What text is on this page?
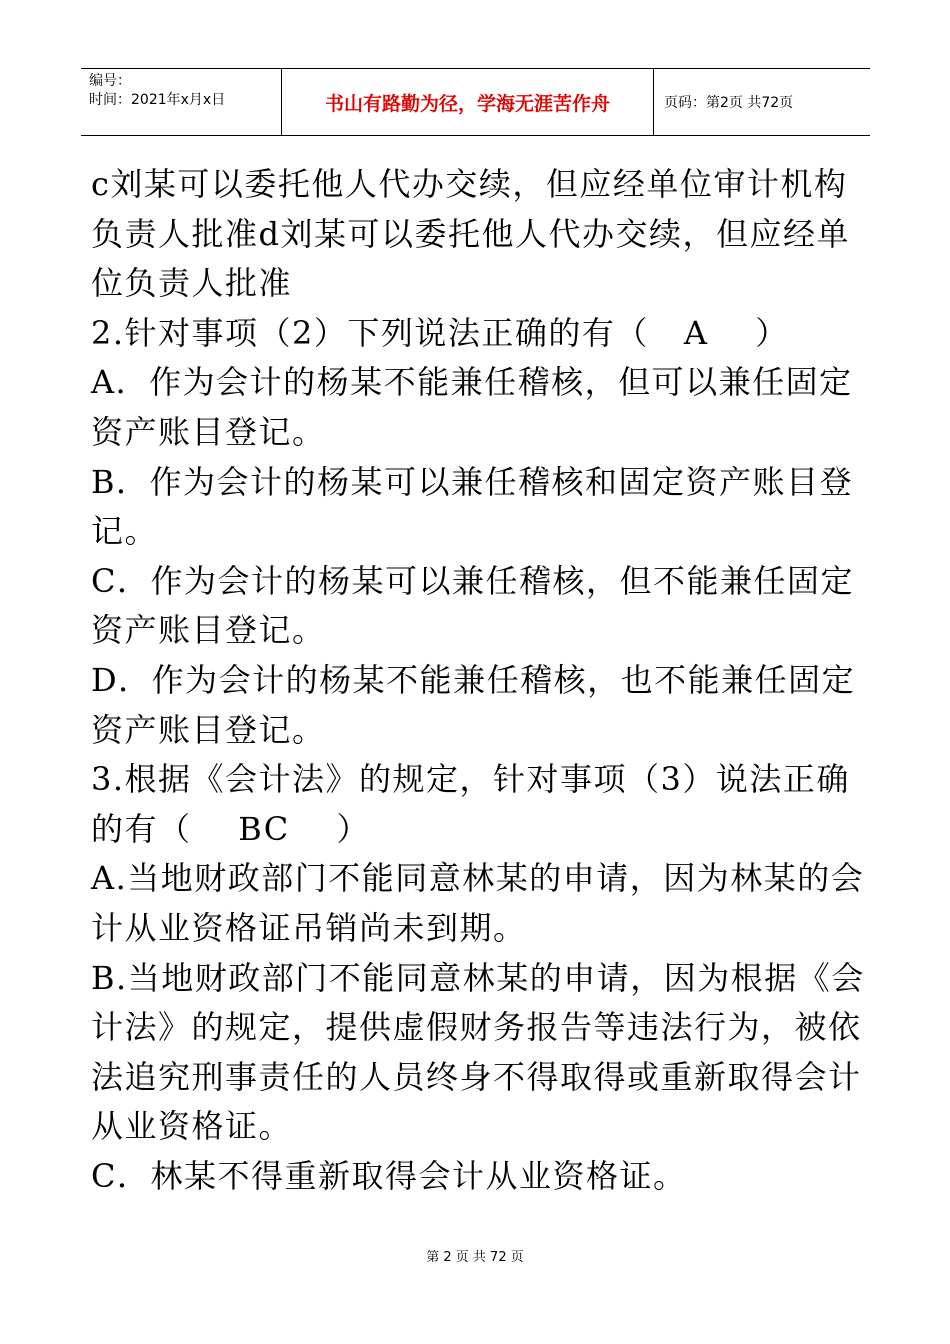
编号：
时间：2021年x月x日	书山有路勤为径，学海无涯苦作舟	页码：第2页 共72页

c刘某可以委托他人代办交续，但应经单位审计机构负责人批准d刘某可以委托他人代办交续，但应经单位负责人批准

2.针对事项（2）下列说法正确的有（   A    ）

A．作为会计的杨某不能兼任稽核，但可以兼任固定资产账目登记。

B．作为会计的杨某可以兼任稽核和固定资产账目登记。

C．作为会计的杨某可以兼任稽核，但不能兼任固定资产账目登记。

D．作为会计的杨某不能兼任稽核，也不能兼任固定资产账目登记。

3.根据《会计法》的规定，针对事项（3）说法正确的有（    BC    ）

A.当地财政部门不能同意林某的申请，因为林某的会计从业资格证吊销尚未到期。

B.当地财政部门不能同意林某的申请，因为根据《会计法》的规定，提供虚假财务报告等违法行为，被依法追究刑事责任的人员终身不得取得或重新取得会计从业资格证。

C．林某不得重新取得会计从业资格证。

第 2 页 共 72 页
